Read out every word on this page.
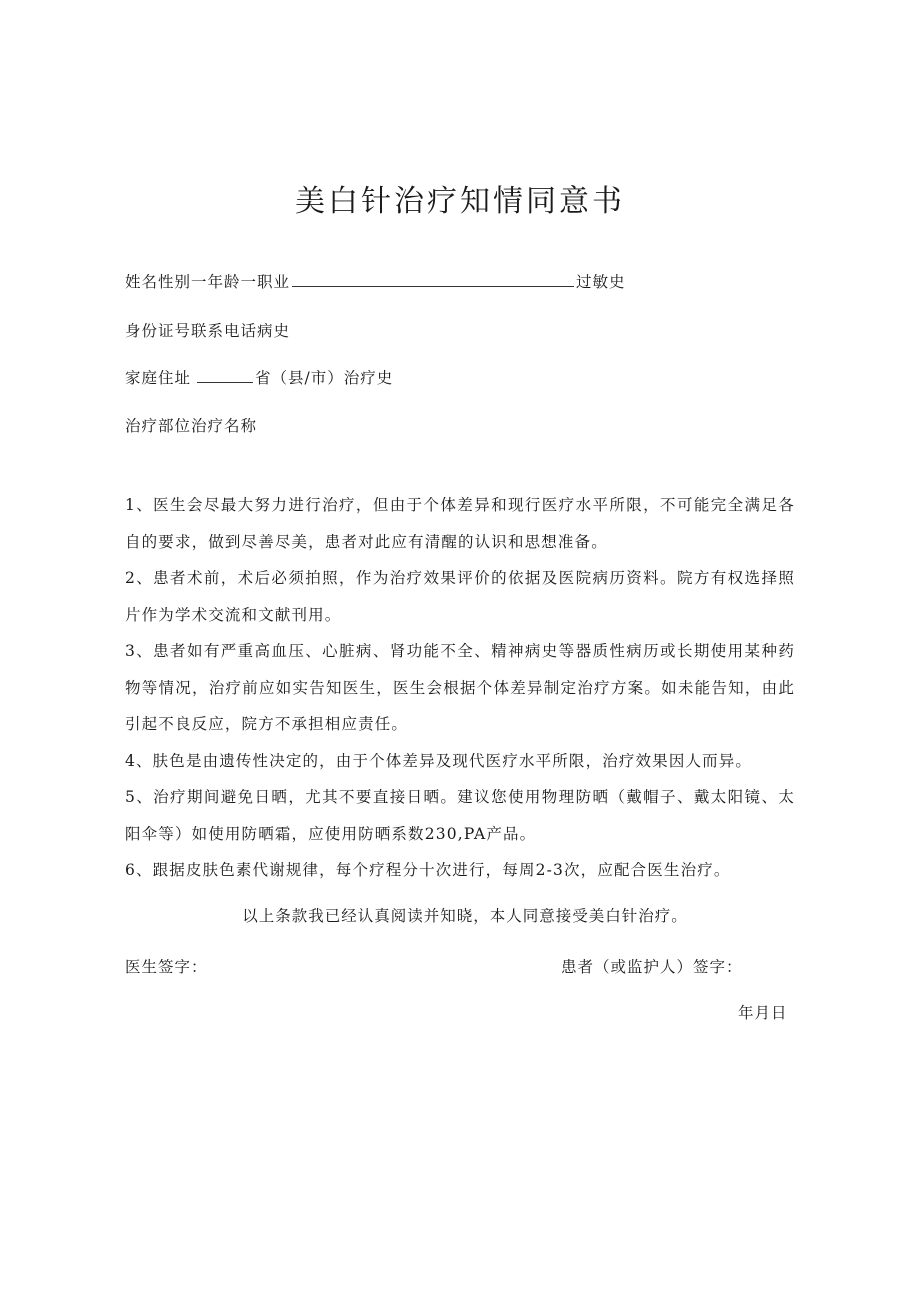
美白针治疗知情同意书
姓名性别一年龄一职业	过敏史
身份证号联系电话病史
家庭住址	省（县/市）治疗史
治疗部位治疗名称

1、医生会尽最大努力进行治疗，但由于个体差异和现行医疗水平所限，不可能完全满足各自的要求，做到尽善尽美，患者对此应有清醒的认识和思想准备。

2、患者术前，术后必须拍照，作为治疗效果评价的依据及医院病历资料。院方有权选择照片作为学术交流和文献刊用。

3、患者如有严重高血压、心脏病、肾功能不全、精神病史等器质性病历或长期使用某种药物等情况，治疗前应如实告知医生，医生会根据个体差异制定治疗方案。如未能告知，由此引起不良反应，院方不承担相应责任。

4、肤色是由遗传性决定的，由于个体差异及现代医疗水平所限，治疗效果因人而异。

5、治疗期间避免日晒，尤其不要直接日晒。建议您使用物理防晒（戴帽子、戴太阳镜、太阳伞等）如使用防晒霜，应使用防晒系数230,PA产品。

6、跟据皮肤色素代谢规律，每个疗程分十次进行，每周2-3次，应配合医生治疗。

以上条款我已经认真阅读并知晓，本人同意接受美白针治疗。
医生签字：	患者（或监护人）签字：
年月日
